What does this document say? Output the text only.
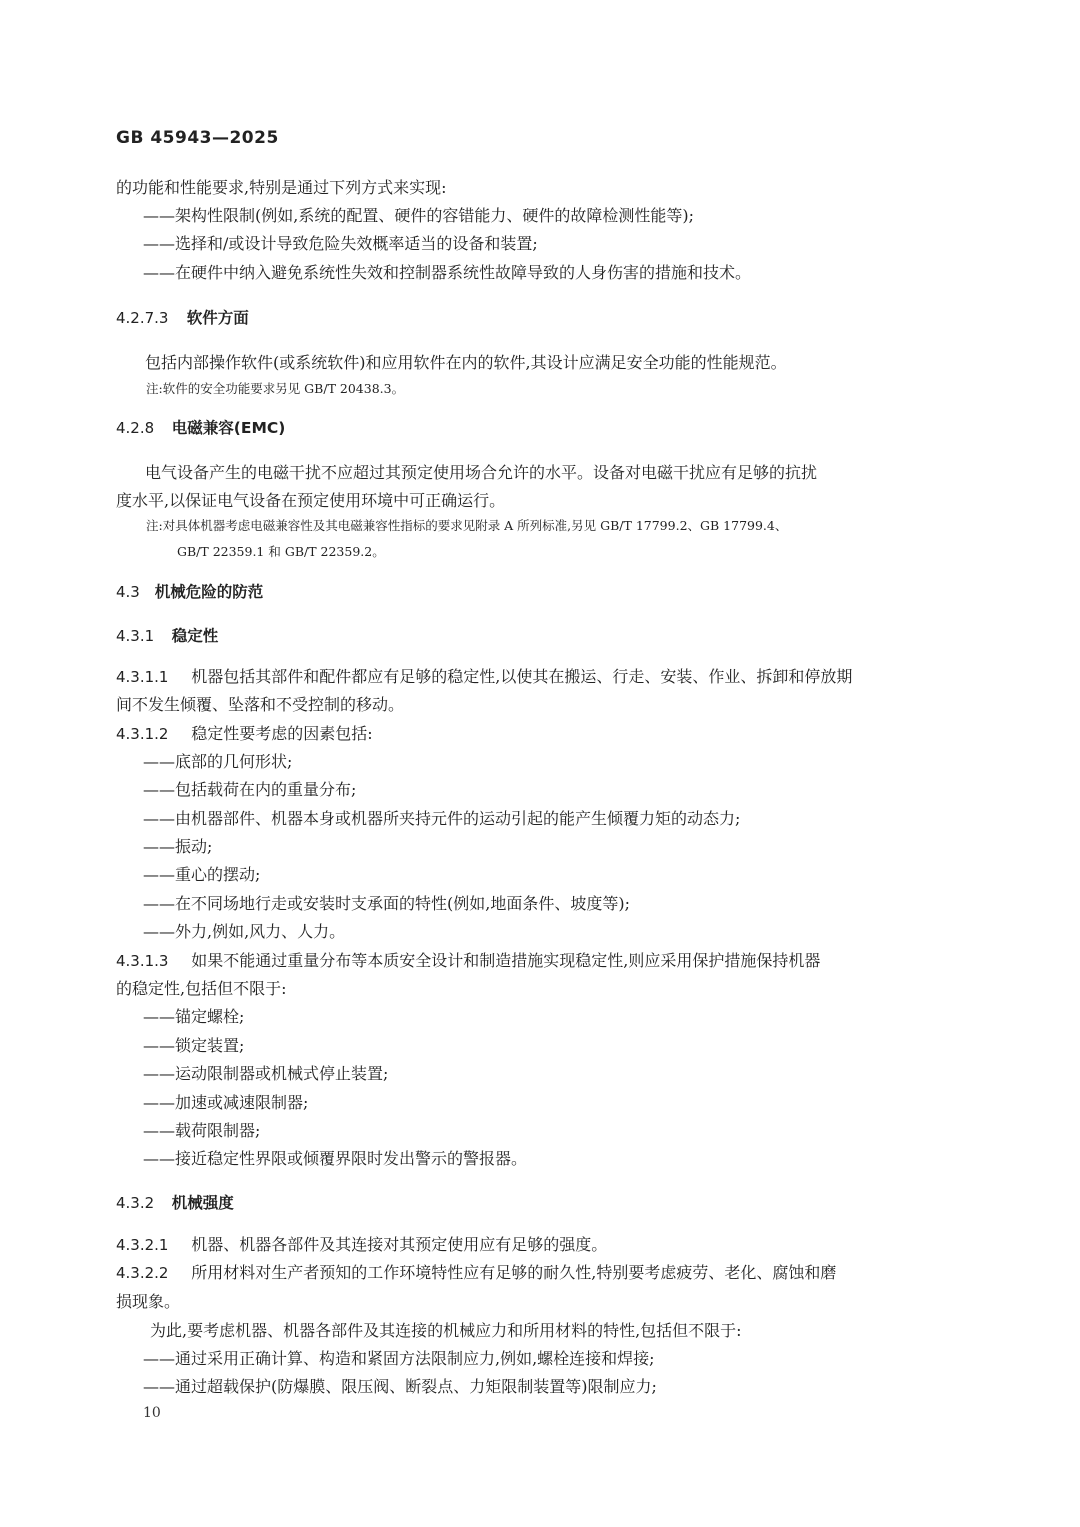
GB 45943—2025
的功能和性能要求,特别是通过下列方式来实现:
——架构性限制(例如,系统的配置、硬件的容错能力、硬件的故障检测性能等);
——选择和/或设计导致危险失效概率适当的设备和装置;
——在硬件中纳入避免系统性失效和控制器系统性故障导致的人身伤害的措施和技术。
4.2.7.3 软件方面
包括内部操作软件(或系统软件)和应用软件在内的软件,其设计应满足安全功能的性能规范。
注:软件的安全功能要求另见 GB/T 20438.3。
4.2.8 电磁兼容(EMC)
电气设备产生的电磁干扰不应超过其预定使用场合允许的水平。设备对电磁干扰应有足够的抗扰
度水平,以保证电气设备在预定使用环境中可正确运行。
注:对具体机器考虑电磁兼容性及其电磁兼容性指标的要求见附录 A 所列标准,另见 GB/T 17799.2、GB 17799.4、
GB/T 22359.1 和 GB/T 22359.2。
4.3 机械危险的防范
4.3.1 稳定性
4.3.1.1 机器包括其部件和配件都应有足够的稳定性,以使其在搬运、行走、安装、作业、拆卸和停放期
间不发生倾覆、坠落和不受控制的移动。
4.3.1.2 稳定性要考虑的因素包括:
——底部的几何形状;
——包括载荷在内的重量分布;
——由机器部件、机器本身或机器所夹持元件的运动引起的能产生倾覆力矩的动态力;
——振动;
——重心的摆动;
——在不同场地行走或安装时支承面的特性(例如,地面条件、坡度等);
——外力,例如,风力、人力。
4.3.1.3 如果不能通过重量分布等本质安全设计和制造措施实现稳定性,则应采用保护措施保持机器
的稳定性,包括但不限于:
——锚定螺栓;
——锁定装置;
——运动限制器或机械式停止装置;
——加速或减速限制器;
——载荷限制器;
——接近稳定性界限或倾覆界限时发出警示的警报器。
4.3.2 机械强度
4.3.2.1 机器、机器各部件及其连接对其预定使用应有足够的强度。
4.3.2.2 所用材料对生产者预知的工作环境特性应有足够的耐久性,特别要考虑疲劳、老化、腐蚀和磨
损现象。
为此,要考虑机器、机器各部件及其连接的机械应力和所用材料的特性,包括但不限于:
——通过采用正确计算、构造和紧固方法限制应力,例如,螺栓连接和焊接;
——通过超载保护(防爆膜、限压阀、断裂点、力矩限制装置等)限制应力;
10
